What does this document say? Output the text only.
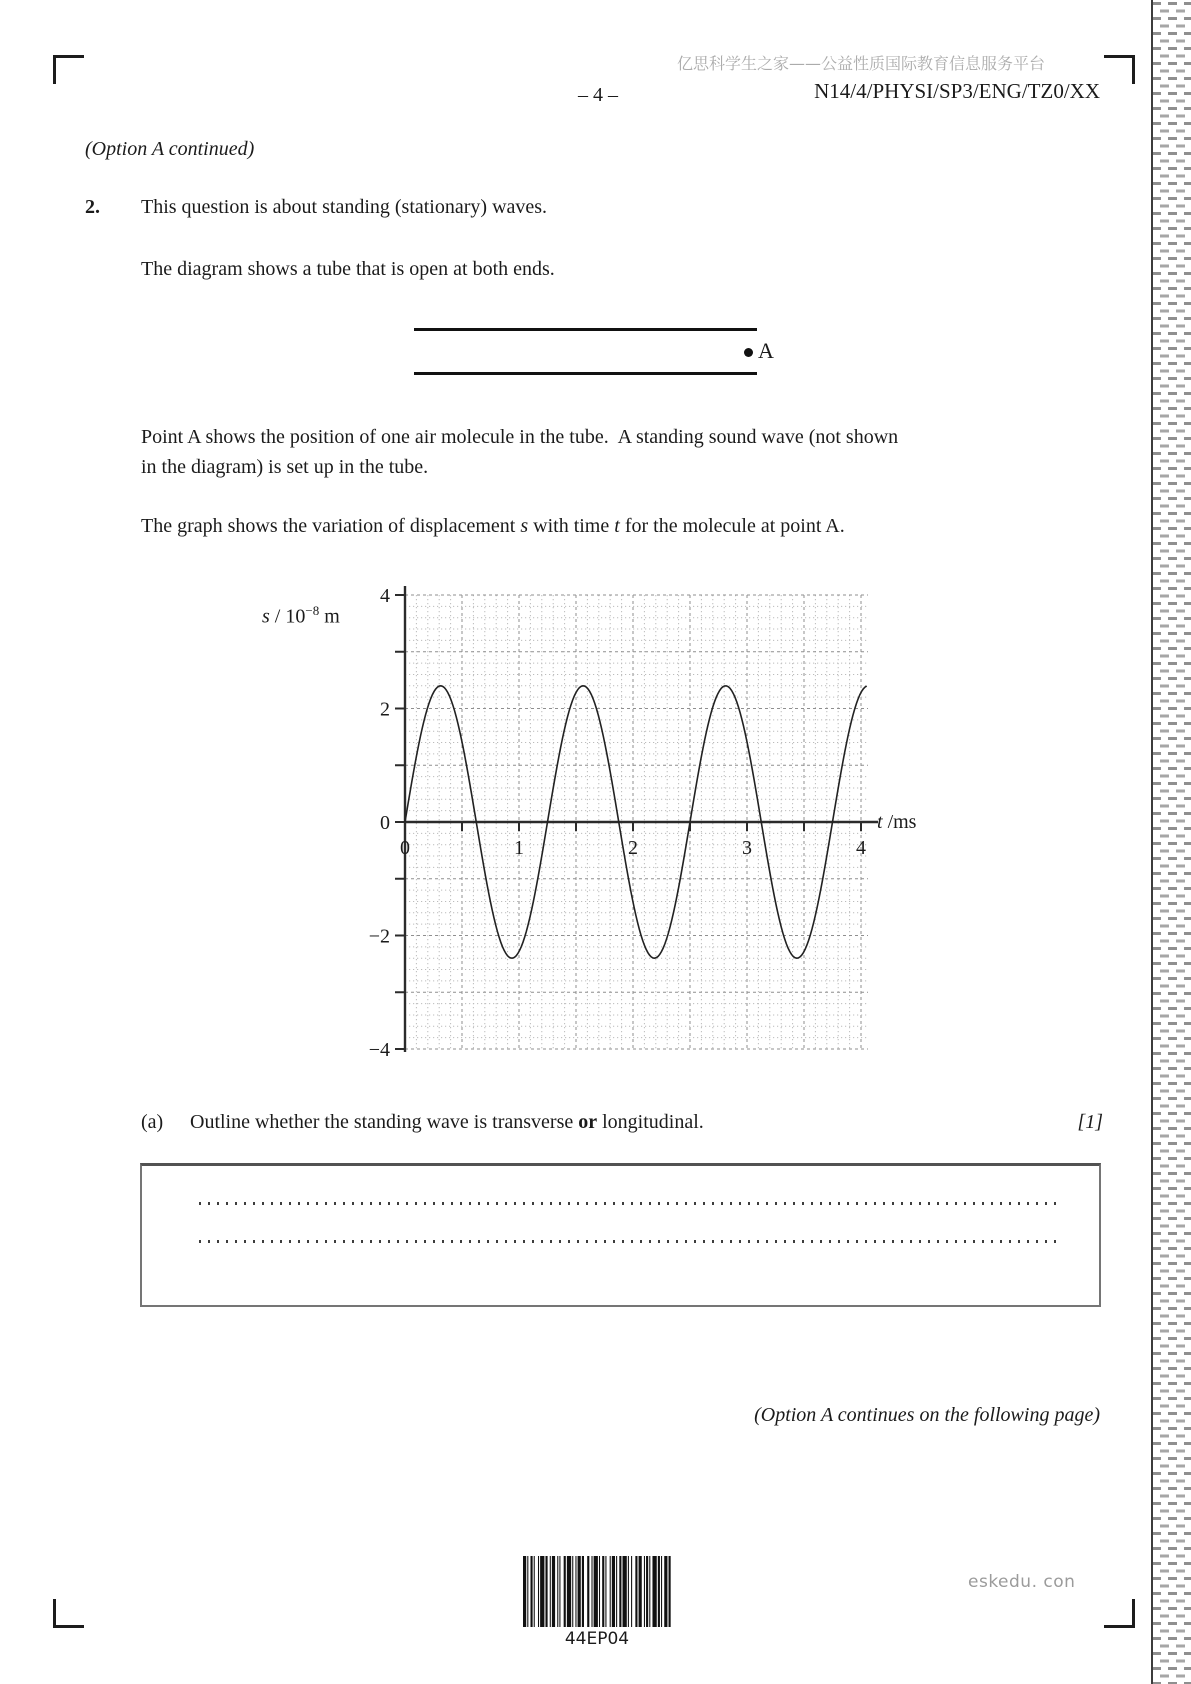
亿思科学生之家——公益性质国际教育信息服务平台
– 4 –	N14/4/PHYSI/SP3/ENG/TZ0/XX
(Option A continued)
2. This question is about standing (stationary) waves.
The diagram shows a tube that is open at both ends.
A
Point A shows the position of one air molecule in the tube.  A standing sound wave (not shown
in the diagram) is set up in the tube.
The graph shows the variation of displacement s with time t for the molecule at point A.
−4
−2
0
2
4
0	1	2	3	4
s / $10^{-8}$ m
t /ms
(a) Outline whether the standing wave is transverse or longitudinal.	[1]
(Option A continues on the following page)
44EP04
eskedu. con
